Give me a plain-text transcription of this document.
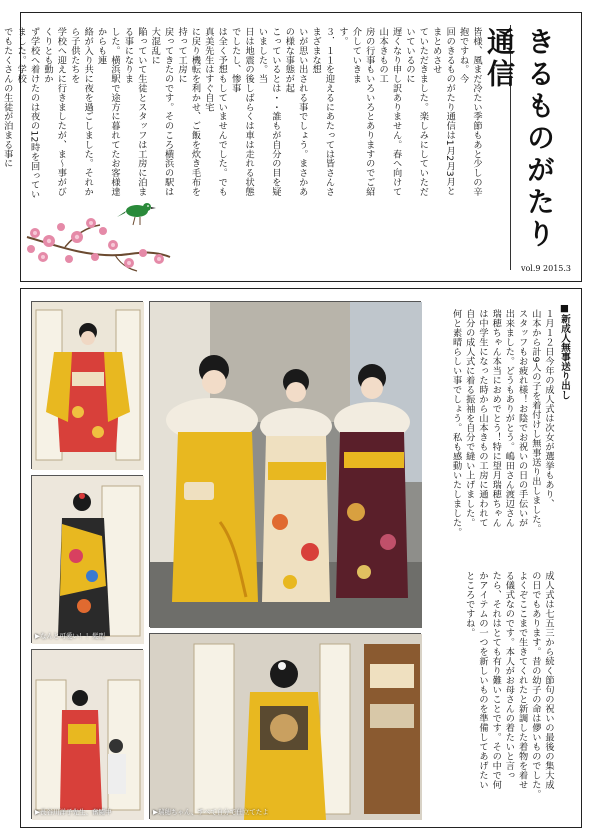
皆様、風まだ冷たい季節もあと少しの辛抱ですね。今
回のきるものがたり通信は1月2月3月とまとめさせ
ていただきました。楽しみにしていただいているのに
遅くなり申し訳ありません。春へ向けて山本きもの工
房の行事もいろいろとありますのでご紹介していきま
す。
３．１１を迎えるにあたっては皆さんさまざまな想
いが思い出される事でしょう。まさかあの様な事態が起
こっているとは・・誰もが自分の目を疑いました。当
日は地震の後しばらくは車は走れる状態でしたし、惨事
は全く予想もしていませんでした。でも真美先生はすぐ自宅
に戻り機転を利かせ、ご飯を炊き毛布を持って工房に
戻ってきたのです。そのころ横浜の駅は大混乱に
陥っていて生徒とスタッフは工房に泊まる事になりま
した。横浜駅で途方に暮れてたお客様達からも連
絡が入り共に夜を過ごしました。それから子供たちを
学校へ迎えに行きましたが、ま〜事がびくりとも動か
ず学校へ着けたのは夜の12時を回っていました。学校
でもたくさんの生徒が泊まる事に	きるものがたり通信
vol.9 2015.3
▶なんと可愛い！！髪型
▶長谷川洋子先生、奮闘中	▶瑞穂ちゃん、すべて自分で仕立てたよ
■新成人無事送り出し
１月１２日今年の成人式は次女が選挙もあり、
山本から計9人の子を着付けし無事送り出しました。
スタッフもお疲れ様！お陰でお祝いの日の手伝いが
出来ました。どうもありがとう。嶋田さん渡辺さん
瑞穂ちゃん本当におめでとう！特に望月瑞穂ちゃん
は中学生になった時から山本きもの工房に通われて
自分の成人式に着る振袖を自分で縫い上げました。
何と素晴らしい事でしょう。私も感動いたしました。
成人式は七五三から続く節句の祝いの最後の集大成
の日でもあります。昔の幼子の命は儚いものでした。
よくぞここまで生きてくれたと新調した着物を着せ
る儀式なのです。本人がお母さんの着たいと言っ
たら、それはとても有り難いことです。その中で何
かアイテムの一つを新しいものを準備してあげたい
ところですね。
